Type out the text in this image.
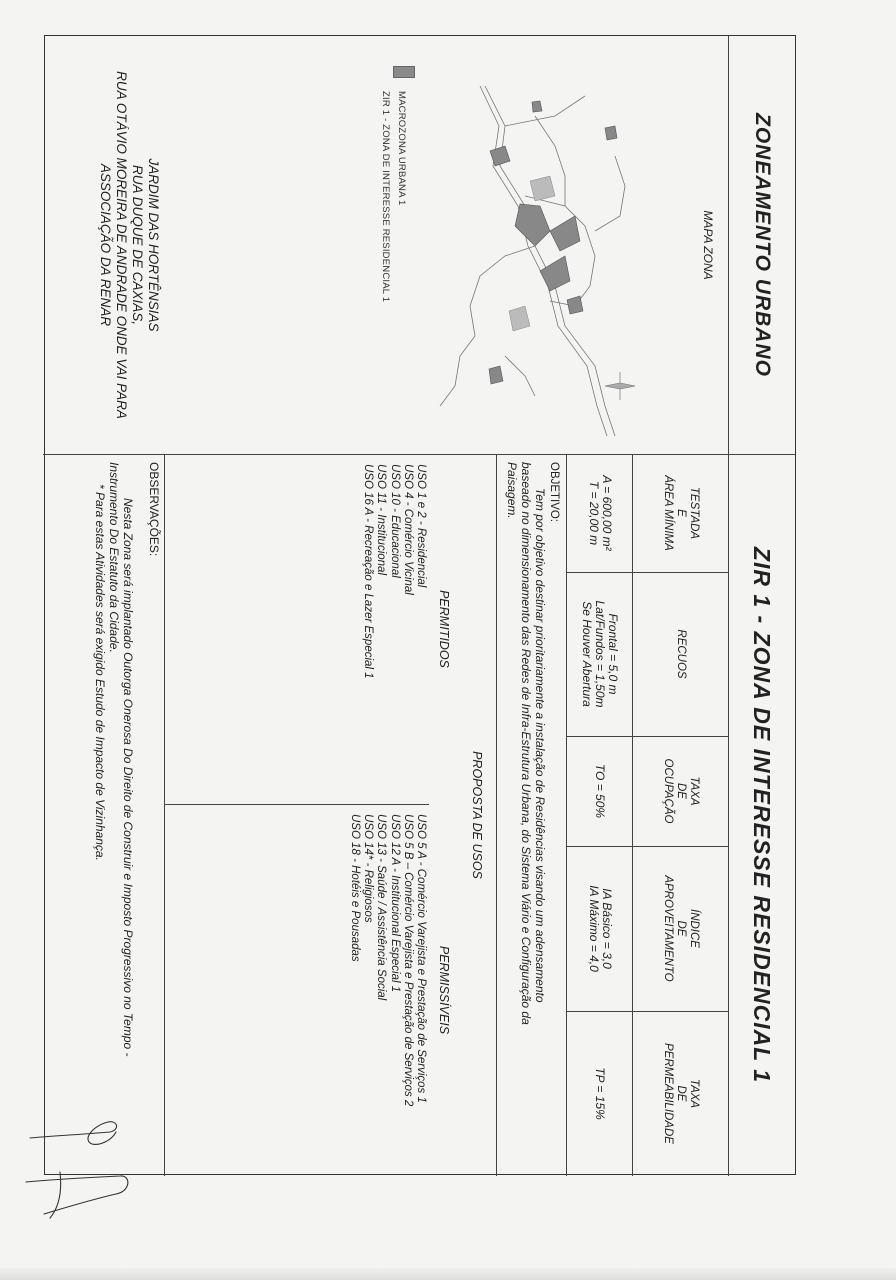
ZONEAMENTO URBANO
MAPA ZONA
MACROZONA URBANA 1
ZIR 1 - ZONA DE INTERESSE RESIDENCIAL 1
JARDIM DAS HORTÊNSIAS
RUA DUQUE DE CAXIAS,
RUA OTÁVIO MOREIRA DE ANDRADE ONDE VAI PARA
ASSOCIAÇÃO DA RENAR
ZIR 1 - ZONA DE INTERESSE RESIDENCIAL 1
TESTADA
E
ÁREA MÍNIMA
A = 600,00 m²
T = 20,00 m
RECUOS
Frontal = 5,0 m
Lat/Fundos = 1,50m
Se Houver Abertura
TAXA
DE
OCUPAÇÃO
TO = 50%
ÍNDICE
DE
APROVEITAMENTO
IA Básico = 3,0
IA Máximo = 4,0
TAXA
DE
PERMEABILIDADE
TP = 15%
OBJETIVO:
Tem por objetivo destinar prioritariamente a instalação de Residências visando um adensamento
baseado no dimensionamento das Redes de Infra-Estrutura Urbana, do Sistema Viário e Configuração da
Paisagem.
PROPOSTA DE USOS
PERMITIDOS
PERMISSÍVEIS
USO 1 e 2 - Residencial
USO 4 - Comércio Vicinal
USO 10 - Educacional
USO 11 - Institucional
USO 16 A - Recreação e Lazer Especial 1
USO 5 A - Comércio Varejista e Prestação de Serviços 1
USO 5 B – Comércio Varejista e Prestação de Serviços 2
USO 12 A - Institucional Especial 1
USO 13 - Saúde / Assistência Social
USO 14* - Religiosos
USO 18 - Hotéis e Pousadas
OBSERVAÇÕES:
Nesta Zona será implantado Outorga Onerosa Do Direito de Construir e Imposto Progressivo no Tempo -
Instrumento Do Estatuto da Cidade.
* Para estas Atividades será exigido Estudo de Impacto de Vizinhança.
